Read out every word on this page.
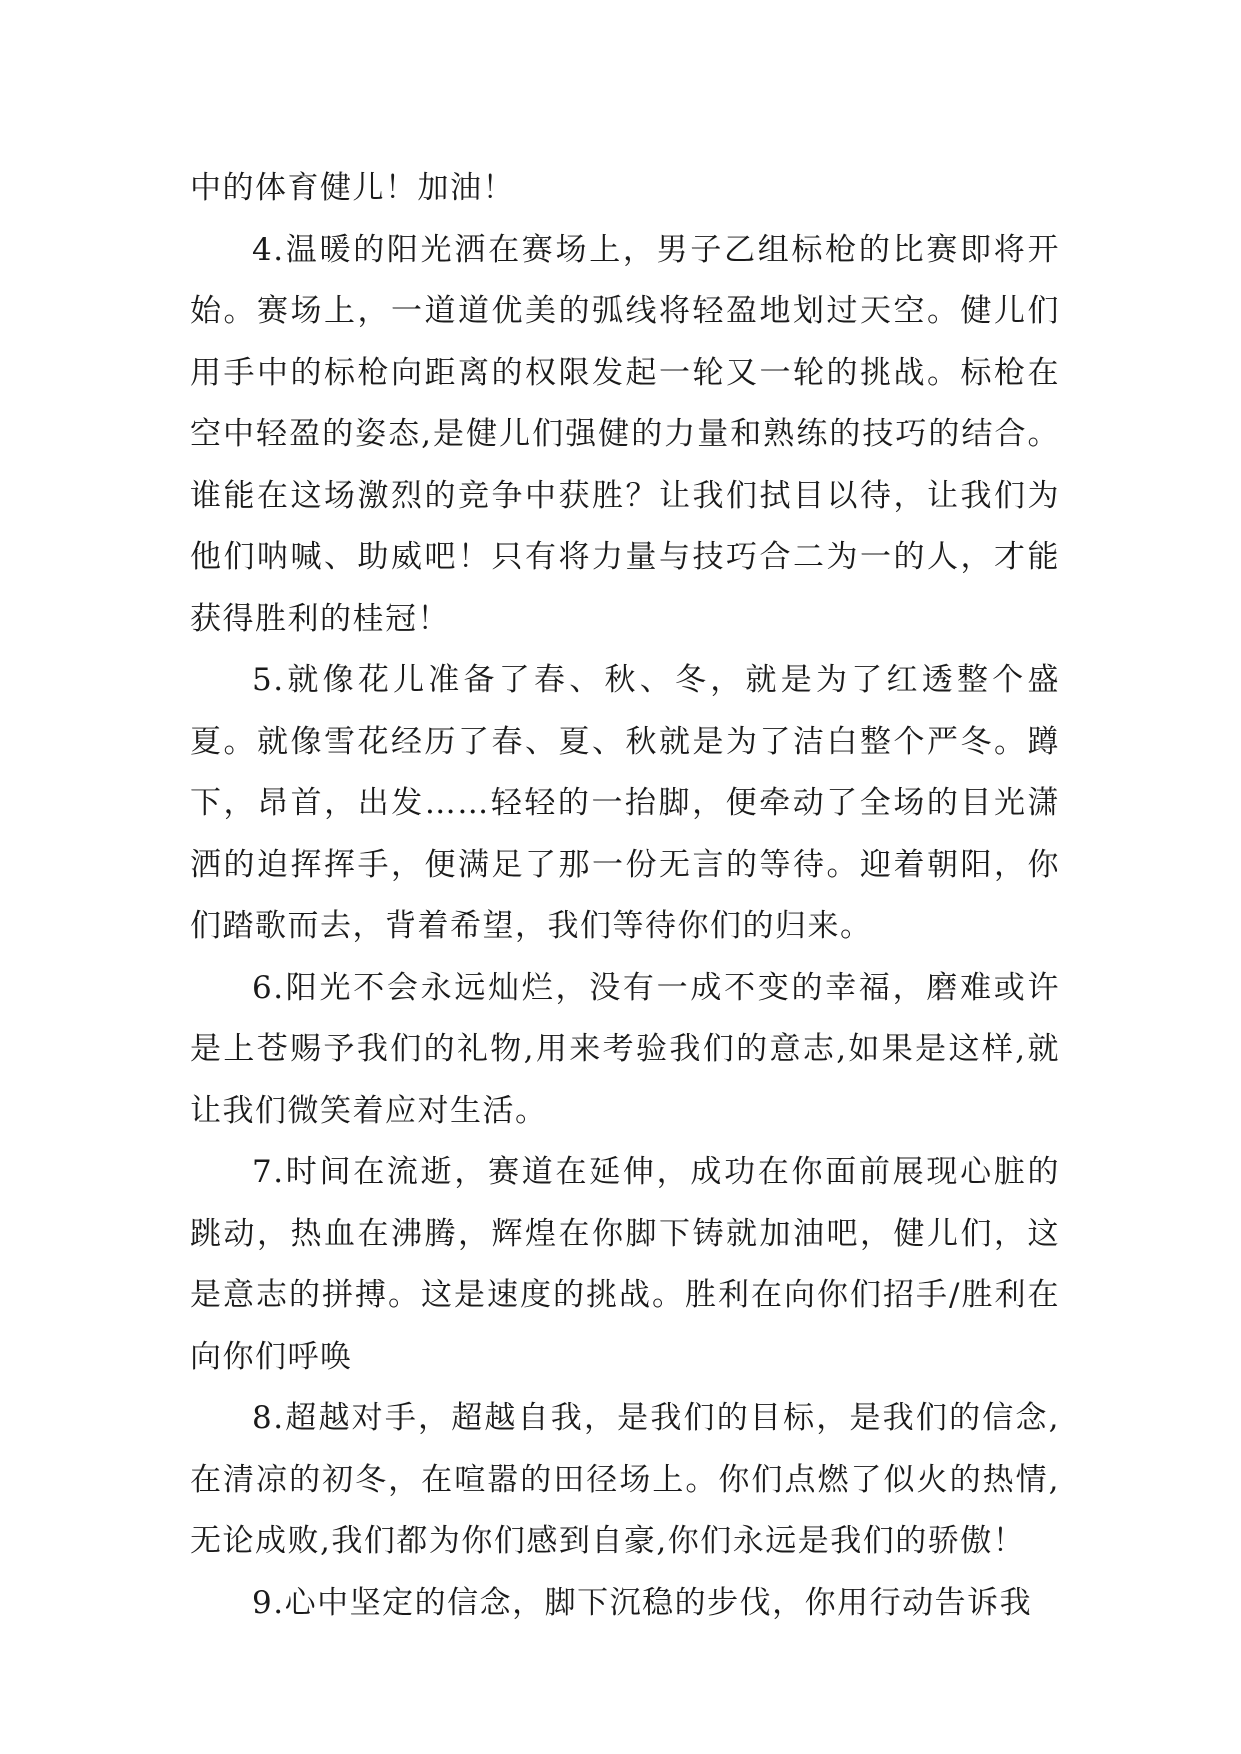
中的体育健儿！加油！

4.温暖的阳光洒在赛场上，男子乙组标枪的比赛即将开始。赛场上，一道道优美的弧线将轻盈地划过天空。健儿们用手中的标枪向距离的权限发起一轮又一轮的挑战。标枪在空中轻盈的姿态,是健儿们强健的力量和熟练的技巧的结合。谁能在这场激烈的竞争中获胜？让我们拭目以待，让我们为他们呐喊、助威吧！只有将力量与技巧合二为一的人，才能获得胜利的桂冠！

5.就像花儿准备了春、秋、冬，就是为了红透整个盛夏。就像雪花经历了春、夏、秋就是为了洁白整个严冬。蹲下，昂首，出发……轻轻的一抬脚，便牵动了全场的目光潇洒的迫挥挥手，便满足了那一份无言的等待。迎着朝阳，你们踏歌而去，背着希望，我们等待你们的归来。

6.阳光不会永远灿烂，没有一成不变的幸福，磨难或许是上苍赐予我们的礼物,用来考验我们的意志,如果是这样,就让我们微笑着应对生活。

7.时间在流逝，赛道在延伸，成功在你面前展现心脏的跳动，热血在沸腾，辉煌在你脚下铸就加油吧，健儿们，这是意志的拼搏。这是速度的挑战。胜利在向你们招手/胜利在向你们呼唤

8.超越对手，超越自我，是我们的目标，是我们的信念,在清凉的初冬，在喧嚣的田径场上。你们点燃了似火的热情,无论成败,我们都为你们感到自豪,你们永远是我们的骄傲！

9.心中坚定的信念，脚下沉稳的步伐，你用行动告诉我
